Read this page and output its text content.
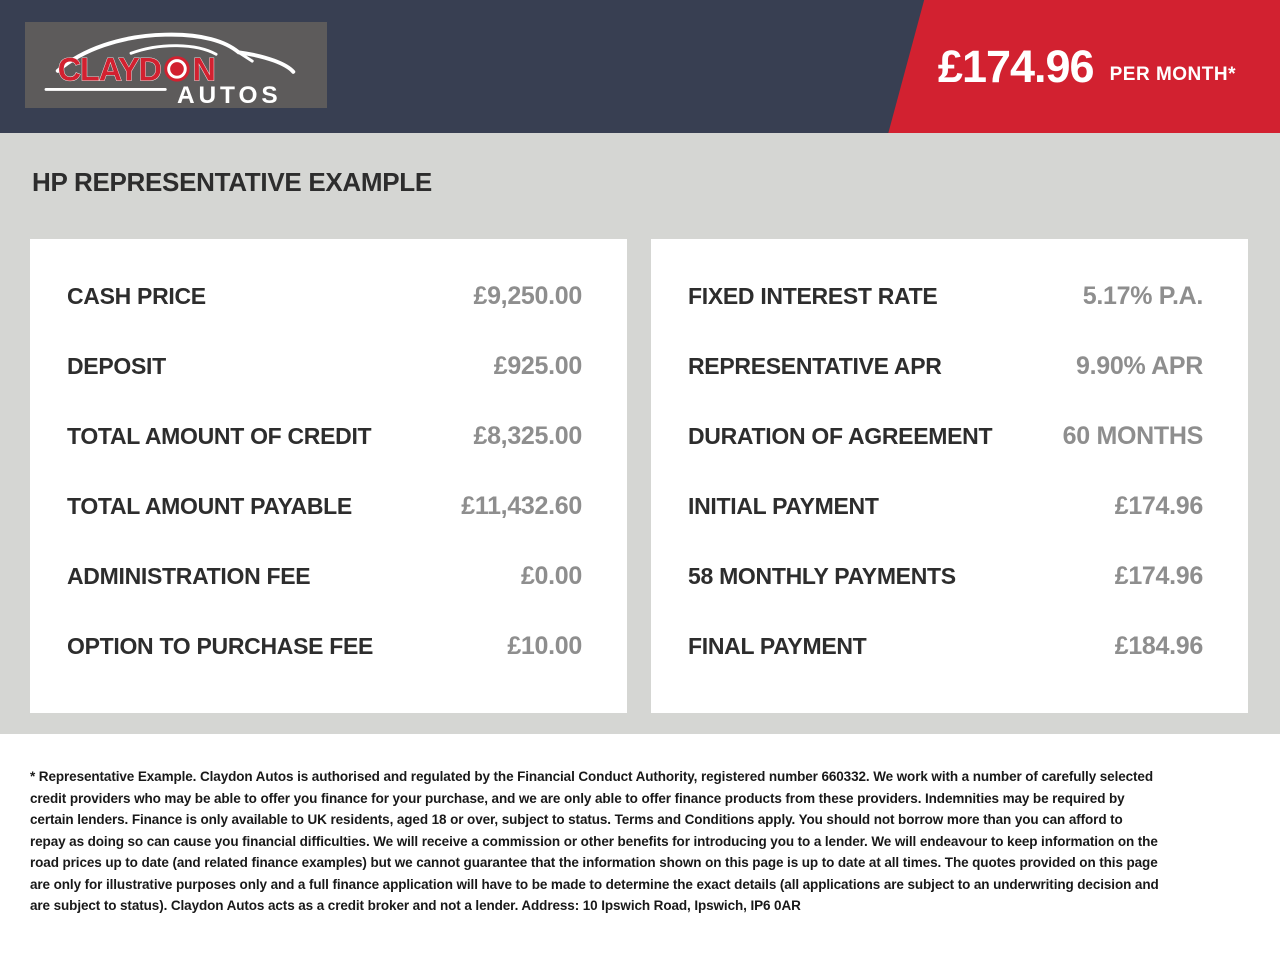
CLAYD N
AUTOS
£174.96 PER MONTH*
HP REPRESENTATIVE EXAMPLE
CASH PRICE	£9,250.00
DEPOSIT	£925.00
TOTAL AMOUNT OF CREDIT	£8,325.00
TOTAL AMOUNT PAYABLE	£11,432.60
ADMINISTRATION FEE	£0.00
OPTION TO PURCHASE FEE	£10.00
FIXED INTEREST RATE	5.17% P.A.
REPRESENTATIVE APR	9.90% APR
DURATION OF AGREEMENT	60 MONTHS
INITIAL PAYMENT	£174.96
58 MONTHLY PAYMENTS	£174.96
FINAL PAYMENT	£184.96

* Representative Example. Claydon Autos is authorised and regulated by the Financial Conduct Authority, registered number 660332. We work with a number of carefully selected credit providers who may be able to offer you finance for your purchase, and we are only able to offer finance products from these providers. Indemnities may be required by certain lenders. Finance is only available to UK residents, aged 18 or over, subject to status. Terms and Conditions apply. You should not borrow more than you can afford to repay as doing so can cause you financial difficulties. We will receive a commission or other benefits for introducing you to a lender. We will endeavour to keep information on the road prices up to date (and related finance examples) but we cannot guarantee that the information shown on this page is up to date at all times. The quotes provided on this page are only for illustrative purposes only and a full finance application will have to be made to determine the exact details (all applications are subject to an underwriting decision and are subject to status). Claydon Autos acts as a credit broker and not a lender. Address: 10 Ipswich Road, Ipswich, IP6 0AR
